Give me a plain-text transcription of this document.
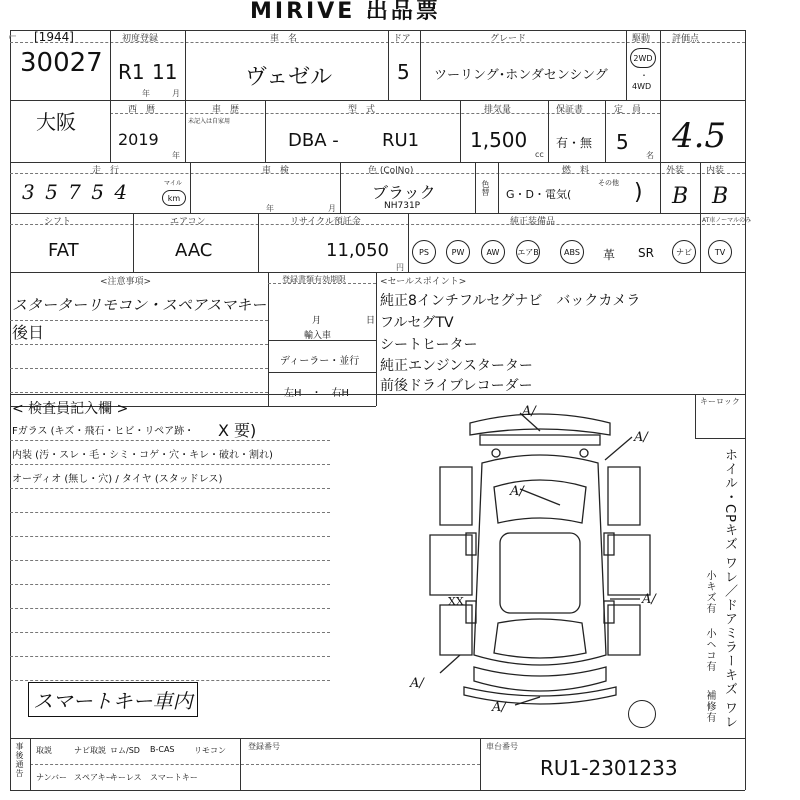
MIRIVE 出品票
⌐ [1944]
30027
初度登録
R1 11
年	月
車　名
ヴェゼル
ドア
5
グレード
ツーリング･ホンダセンシング
駆動
2WD
・
4WD
評価点
4.5
大阪	西　暦
2019
年
車　歴
未記入は自家用
型　式
DBA - RU1
排気量
1,500
cc
保証書
有・無
定　員
5
名
走　行
3 5 7 5 4	マイル
km
車　検
年	月
色 (ColNo)
ブラック
NH731P
色替
燃　料
G・D・電気(
その他 )
外装
B
内装
B
シフト
FAT
エアコン
AAC
リサイクル預託金
11,050
円
純正装備品	AT車ノーマルのみ
PS	PW	AW	エアB	ABS	革 SR	ナビ	TV
<注意事項>
スターターリモコン・スペアスマキー
後日
登録書類有効期限
月	日
輸入車
ディーラー・並行
左H　・　右H
<セールスポイント>
純正8インチフルセグナビ　バックカメラ
フルセグTV
シートヒーター
純正エンジンスターター
前後ドライブレコーダー
キーロック
< 検査員記入欄 >
Fガラス (キズ・飛石・ヒビ・リペア跡・ X 要)
内装 (汚・スレ・毛・シミ・コゲ・穴・キレ・破れ・割れ)
オーディオ (無し・穴) / タイヤ (スタッドレス)
スマートキー車内
A/
A/
A/
A/
A/
A/
XX	ホイル・CPキズ ワレ／ドアミラーキズ ワレ
小キズ有
小ヘコ有
補修有
事後通告 取説	ナビ取説 ロム/SD B-CAS リモコン
ナンバー スペアキー
キーレス スマートキー
登録番号	車台番号
RU1-2301233
